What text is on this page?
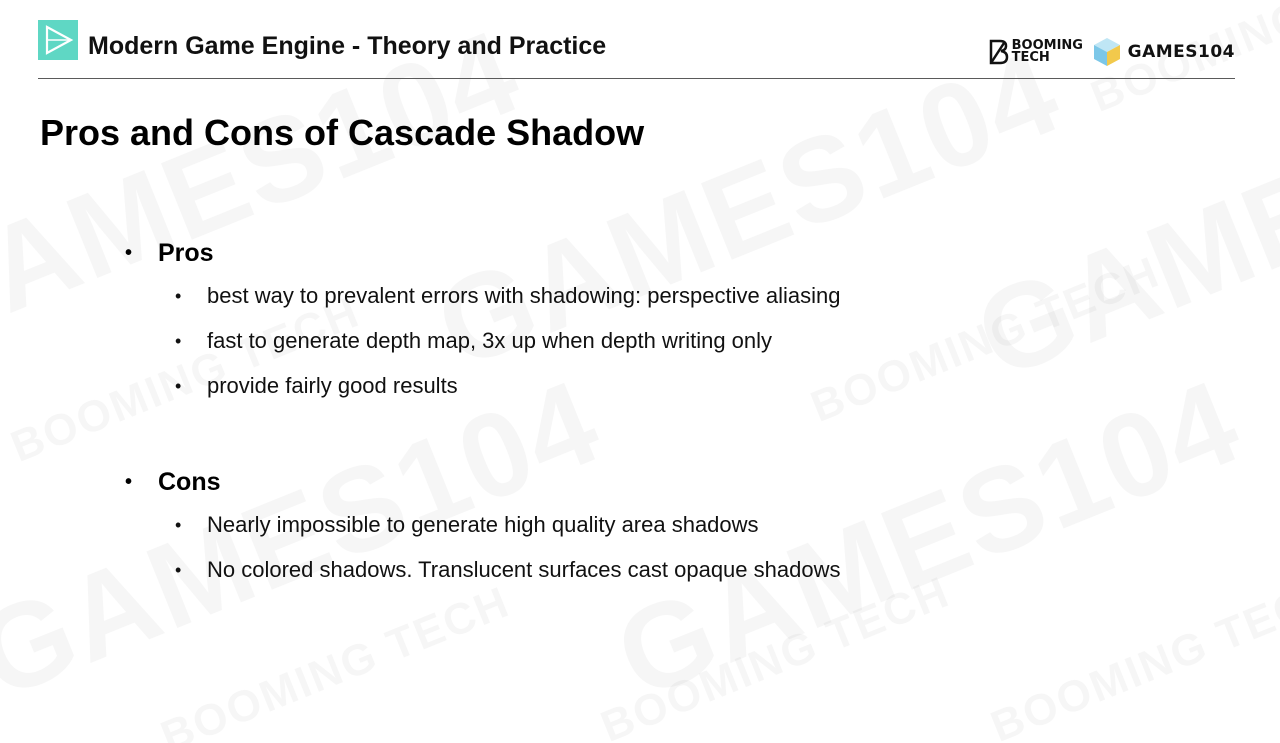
Modern Game Engine - Theory and Practice	BOOMING TECH	GAMES104
Pros and Cons of Cascade Shadow
•	Pros
•	best way to prevalent errors with shadowing: perspective aliasing
•	fast to generate depth map, 3x up when depth writing only
•	provide fairly good results
•	Cons
•	Nearly impossible to generate high quality area shadows
•	No colored shadows. Translucent surfaces cast opaque shadows
